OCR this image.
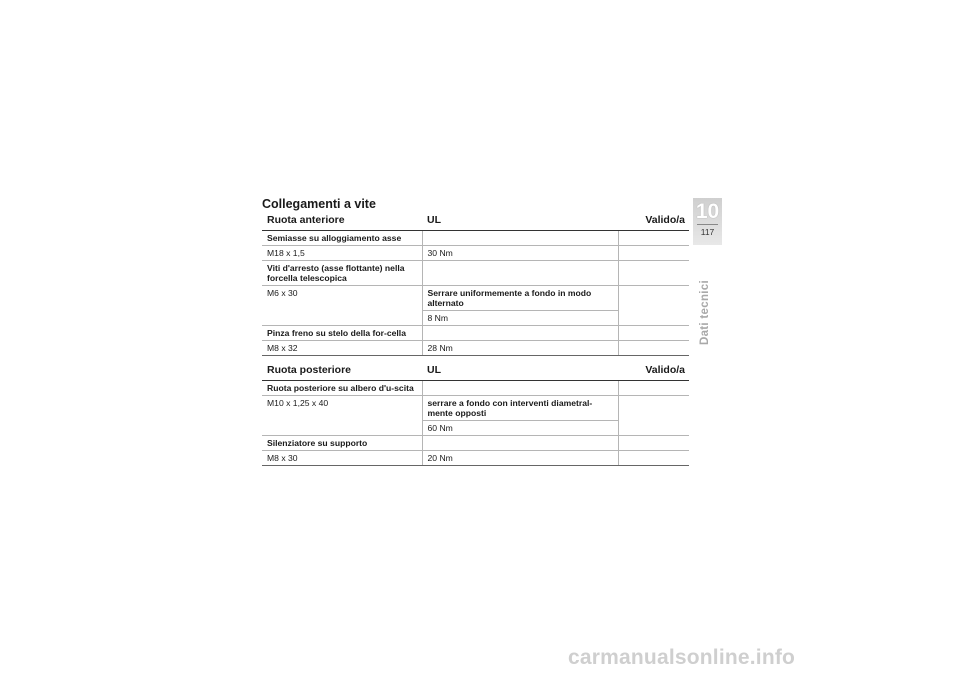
Collegamenti a vite
Ruota anteriore	UL	Valido/a
Semiasse su alloggiamento asse		
M18 x 1,5	30 Nm	
Viti d'arresto (asse flottante) nella forcella telescopica		
M6 x 30	Serrare uniformemente a fondo in modo alternato	
	8 Nm	
Pinza freno su stelo della for-cella		
M8 x 32	28 Nm	
Ruota posteriore	UL	Valido/a
Ruota posteriore su albero d'u-scita		
M10 x 1,25 x 40	serrare a fondo con interventi diametral-mente opposti	
	60 Nm	
Silenziatore su supporto		
M8 x 30	20 Nm	
10
117
Dati tecnici
carmanualsonline.info
